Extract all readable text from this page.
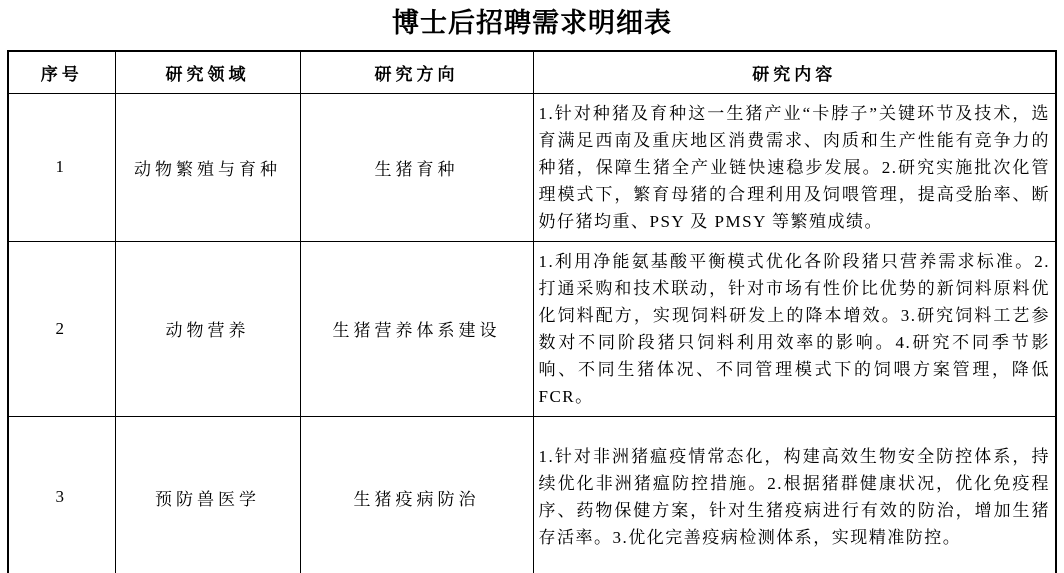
博士后招聘需求明细表
序号	研究领域	研究方向	研究内容
1	动物繁殖与育种	生猪育种	1.针对种猪及育种这一生猪产业“卡脖子”关键环节及技术，选育满足西南及重庆地区消费需求、肉质和生产性能有竞争力的种猪，保障生猪全产业链快速稳步发展。2.研究实施批次化管理模式下，繁育母猪的合理利用及饲喂管理，提高受胎率、断奶仔猪均重、PSY 及 PMSY 等繁殖成绩。
2	动物营养	生猪营养体系建设	1.利用净能氨基酸平衡模式优化各阶段猪只营养需求标准。2.打通采购和技术联动，针对市场有性价比优势的新饲料原料优化饲料配方，实现饲料研发上的降本增效。3.研究饲料工艺参数对不同阶段猪只饲料利用效率的影响。4.研究不同季节影响、不同生猪体况、不同管理模式下的饲喂方案管理，降低 FCR。
3	预防兽医学	生猪疫病防治	1.针对非洲猪瘟疫情常态化，构建高效生物安全防控体系，持续优化非洲猪瘟防控措施。2.根据猪群健康状况，优化免疫程序、药物保健方案，针对生猪疫病进行有效的防治，增加生猪存活率。3.优化完善疫病检测体系，实现精准防控。
